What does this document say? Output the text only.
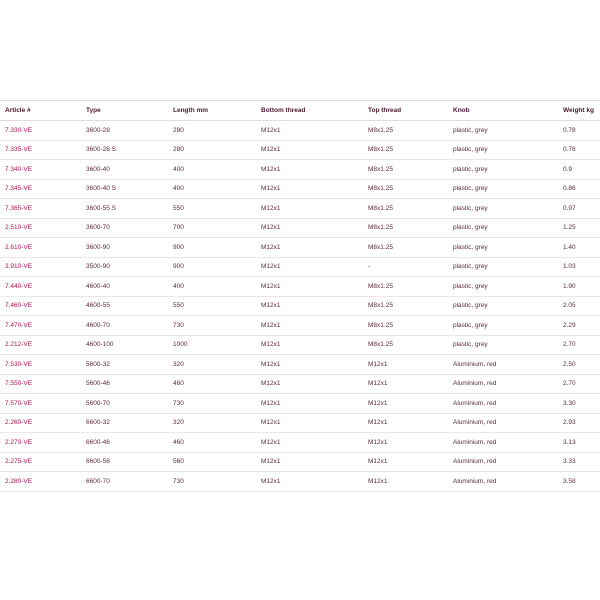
Article #	Type	Length mm	Bottom thread	Top thread	Knob	Weight kg
7.330-VE	3600-28	280	M12x1	M8x1.25	plastic, grey	0.78
7.335-VE	3600-28 S	280	M12x1	M8x1.25	plastic, grey	0.78
7.340-VE	3600-40	400	M12x1	M8x1.25	plastic, grey	0.9
7.345-VE	3600-40 S	400	M12x1	M8x1.25	plastic, grey	0.86
7.365-VE	3600-55 S	550	M12x1	M8x1.25	plastic, grey	0.97
2.510-VE	3600-70	700	M12x1	M8x1.25	plastic, grey	1.25
2.610-VE	3600-90	900	M12x1	M8x1.25	plastic, grey	1.40
3.910-VE	3500-90	900	M12x1	-	plastic, grey	1.03
7.440-VE	4600-40	400	M12x1	M8x1.25	plastic, grey	1.90
7.460-VE	4600-55	550	M12x1	M8x1.25	plastic, grey	2.05
7.470-VE	4600-70	730	M12x1	M8x1.25	plastic, grey	2.29
2.212-VE	4600-100	1000	M12x1	M8x1.25	plastic, grey	2.70
7.530-VE	5600-32	320	M12x1	M12x1	Aluminium, red	2.50
7.550-VE	5600-46	460	M12x1	M12x1	Aluminium, red	2.70
7.570-VE	5600-70	730	M12x1	M12x1	Aluminium, red	3.30
2.260-VE	6600-32	320	M12x1	M12x1	Aluminium, red	2.93
2.270-VE	6600-46	460	M12x1	M12x1	Aluminium, red	3.13
2.275-VE	6600-56	560	M12x1	M12x1	Aluminium, red	3.33
2.280-VE	6600-70	730	M12x1	M12x1	Aluminium, red	3.58
